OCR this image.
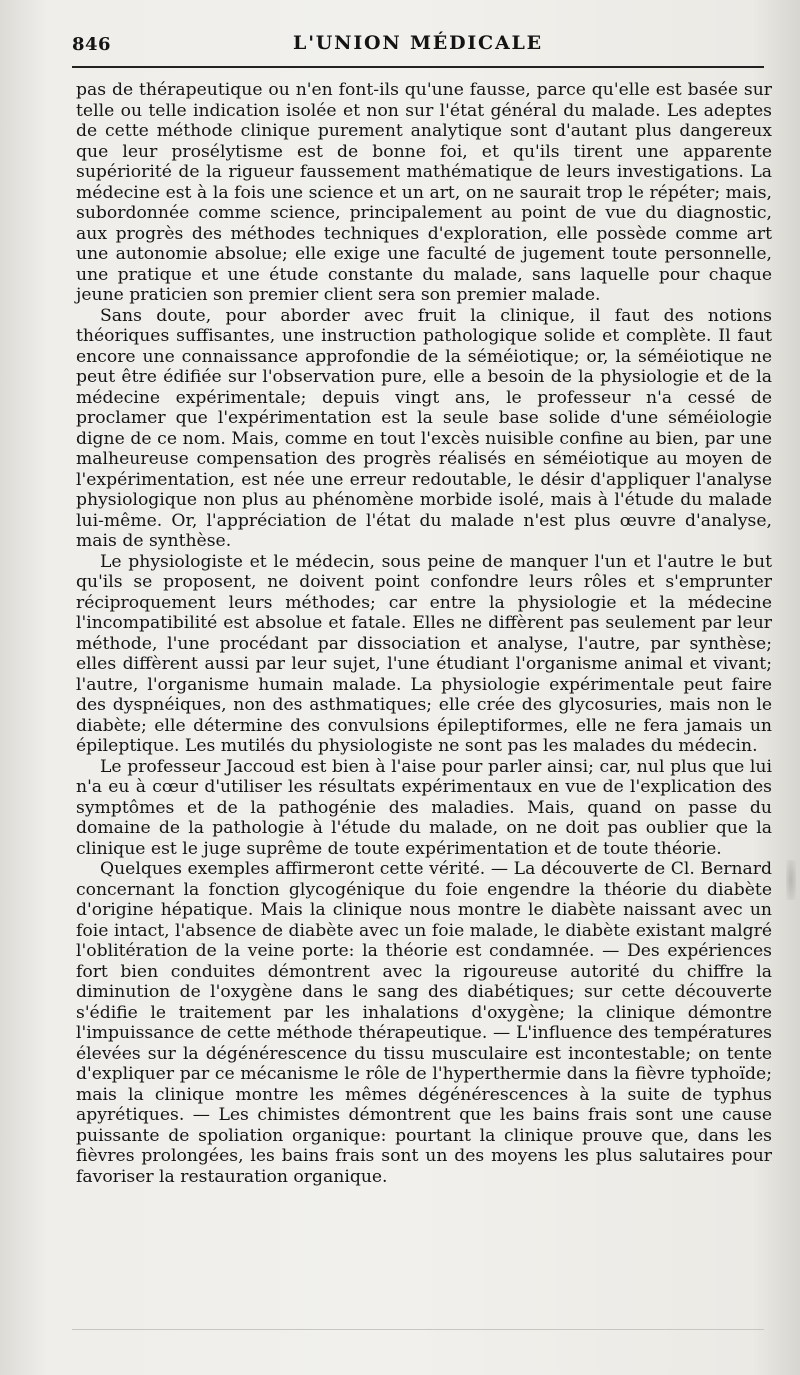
846	L'UNION MÉDICALE

pas de thérapeutique ou n'en font-ils qu'une fausse, parce qu'elle est basée sur telle ou telle indication isolée et non sur l'état général du malade. Les adeptes de cette méthode clinique purement analytique sont d'autant plus dangereux que leur prosélytisme est de bonne foi, et qu'ils tirent une apparente supériorité de la rigueur faussement mathématique de leurs investigations. La médecine est à la fois une science et un art, on ne saurait trop le répéter; mais, subordonnée comme science, principalement au point de vue du diagnostic, aux progrès des méthodes techniques d'exploration, elle possède comme art une autonomie absolue; elle exige une faculté de jugement toute personnelle, une pratique et une étude constante du malade, sans laquelle pour chaque jeune praticien son premier client sera son premier malade.

Sans doute, pour aborder avec fruit la clinique, il faut des notions théoriques suffisantes, une instruction pathologique solide et complète. Il faut encore une connaissance approfondie de la séméiotique; or, la séméiotique ne peut être édifiée sur l'observation pure, elle a besoin de la physiologie et de la médecine expérimentale; depuis vingt ans, le professeur n'a cessé de proclamer que l'expérimentation est la seule base solide d'une séméiologie digne de ce nom. Mais, comme en tout l'excès nuisible confine au bien, par une malheureuse compensation des progrès réalisés en séméiotique au moyen de l'expérimentation, est née une erreur redoutable, le désir d'appliquer l'analyse physiologique non plus au phénomène morbide isolé, mais à l'étude du malade lui-même. Or, l'appréciation de l'état du malade n'est plus œuvre d'analyse, mais de synthèse.

Le physiologiste et le médecin, sous peine de manquer l'un et l'autre le but qu'ils se proposent, ne doivent point confondre leurs rôles et s'emprunter réciproquement leurs méthodes; car entre la physiologie et la médecine l'incompatibilité est absolue et fatale. Elles ne diffèrent pas seulement par leur méthode, l'une procédant par dissociation et analyse, l'autre, par synthèse; elles diffèrent aussi par leur sujet, l'une étudiant l'organisme animal et vivant; l'autre, l'organisme humain malade. La physiologie expérimentale peut faire des dyspnéiques, non des asthmatiques; elle crée des glycosuries, mais non le diabète; elle détermine des convulsions épileptiformes, elle ne fera jamais un épileptique. Les mutilés du physiologiste ne sont pas les malades du médecin.

Le professeur Jaccoud est bien à l'aise pour parler ainsi; car, nul plus que lui n'a eu à cœur d'utiliser les résultats expérimentaux en vue de l'explication des symptômes et de la pathogénie des maladies. Mais, quand on passe du domaine de la pathologie à l'étude du malade, on ne doit pas oublier que la clinique est le juge suprême de toute expérimentation et de toute théorie.

Quelques exemples affirmeront cette vérité. — La découverte de Cl. Bernard concernant la fonction glycogénique du foie engendre la théorie du diabète d'origine hépatique. Mais la clinique nous montre le diabète naissant avec un foie intact, l'absence de diabète avec un foie malade, le diabète existant malgré l'oblitération de la veine porte: la théorie est condamnée. — Des expériences fort bien conduites démontrent avec la rigoureuse autorité du chiffre la diminution de l'oxygène dans le sang des diabétiques; sur cette découverte s'édifie le traitement par les inhalations d'oxygène; la clinique démontre l'impuissance de cette méthode thérapeutique. — L'influence des températures élevées sur la dégénérescence du tissu musculaire est incontestable; on tente d'expliquer par ce mécanisme le rôle de l'hyperthermie dans la fièvre typhoïde; mais la clinique montre les mêmes dégénérescences à la suite de typhus apyrétiques. — Les chimistes démontrent que les bains frais sont une cause puissante de spoliation organique: pourtant la clinique prouve que, dans les fièvres prolongées, les bains frais sont un des moyens les plus salutaires pour favoriser la restauration organique.
